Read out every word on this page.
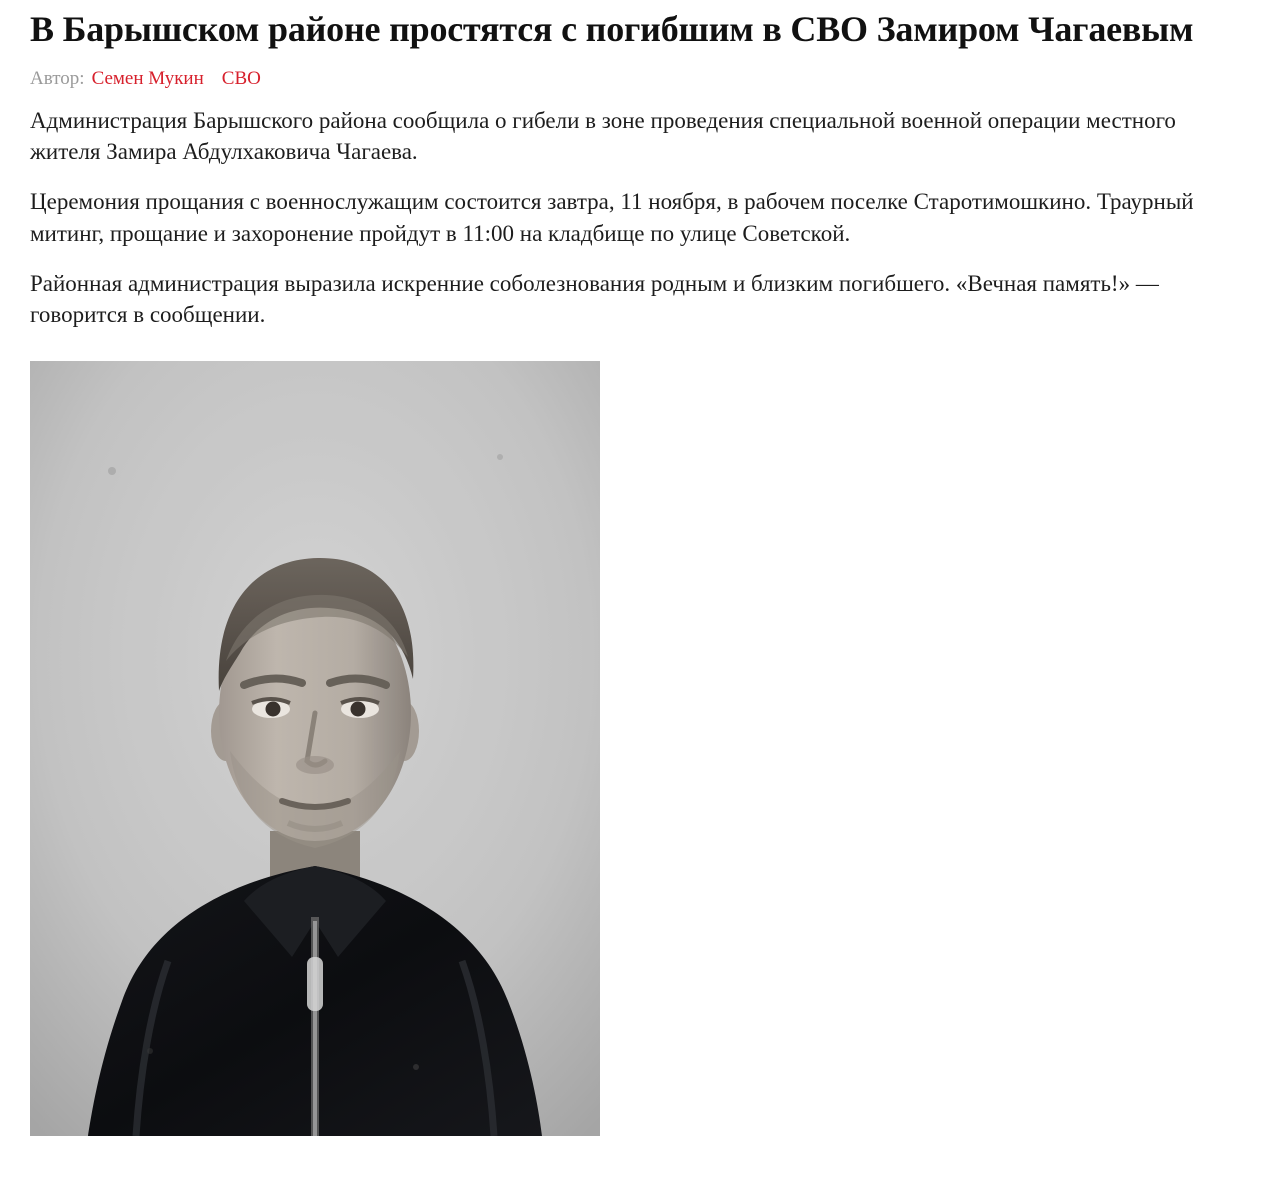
В Барышском районе простятся с погибшим в СВО Замиром Чагаевым
Автор: Семен Мукин СВО

Администрация Барышского района сообщила о гибели в зоне проведения специальной военной операции местного жителя Замира Абдулхаковича Чагаева.

Церемония прощания с военнослужащим состоится завтра, 11 ноября, в рабочем поселке Старотимошкино. Траурный митинг, прощание и захоронение пройдут в 11:00 на кладбище по улице Советской.

Районная администрация выразила искренние соболезнования родным и близким погибшего. «Вечная память!» — говорится в сообщении.
